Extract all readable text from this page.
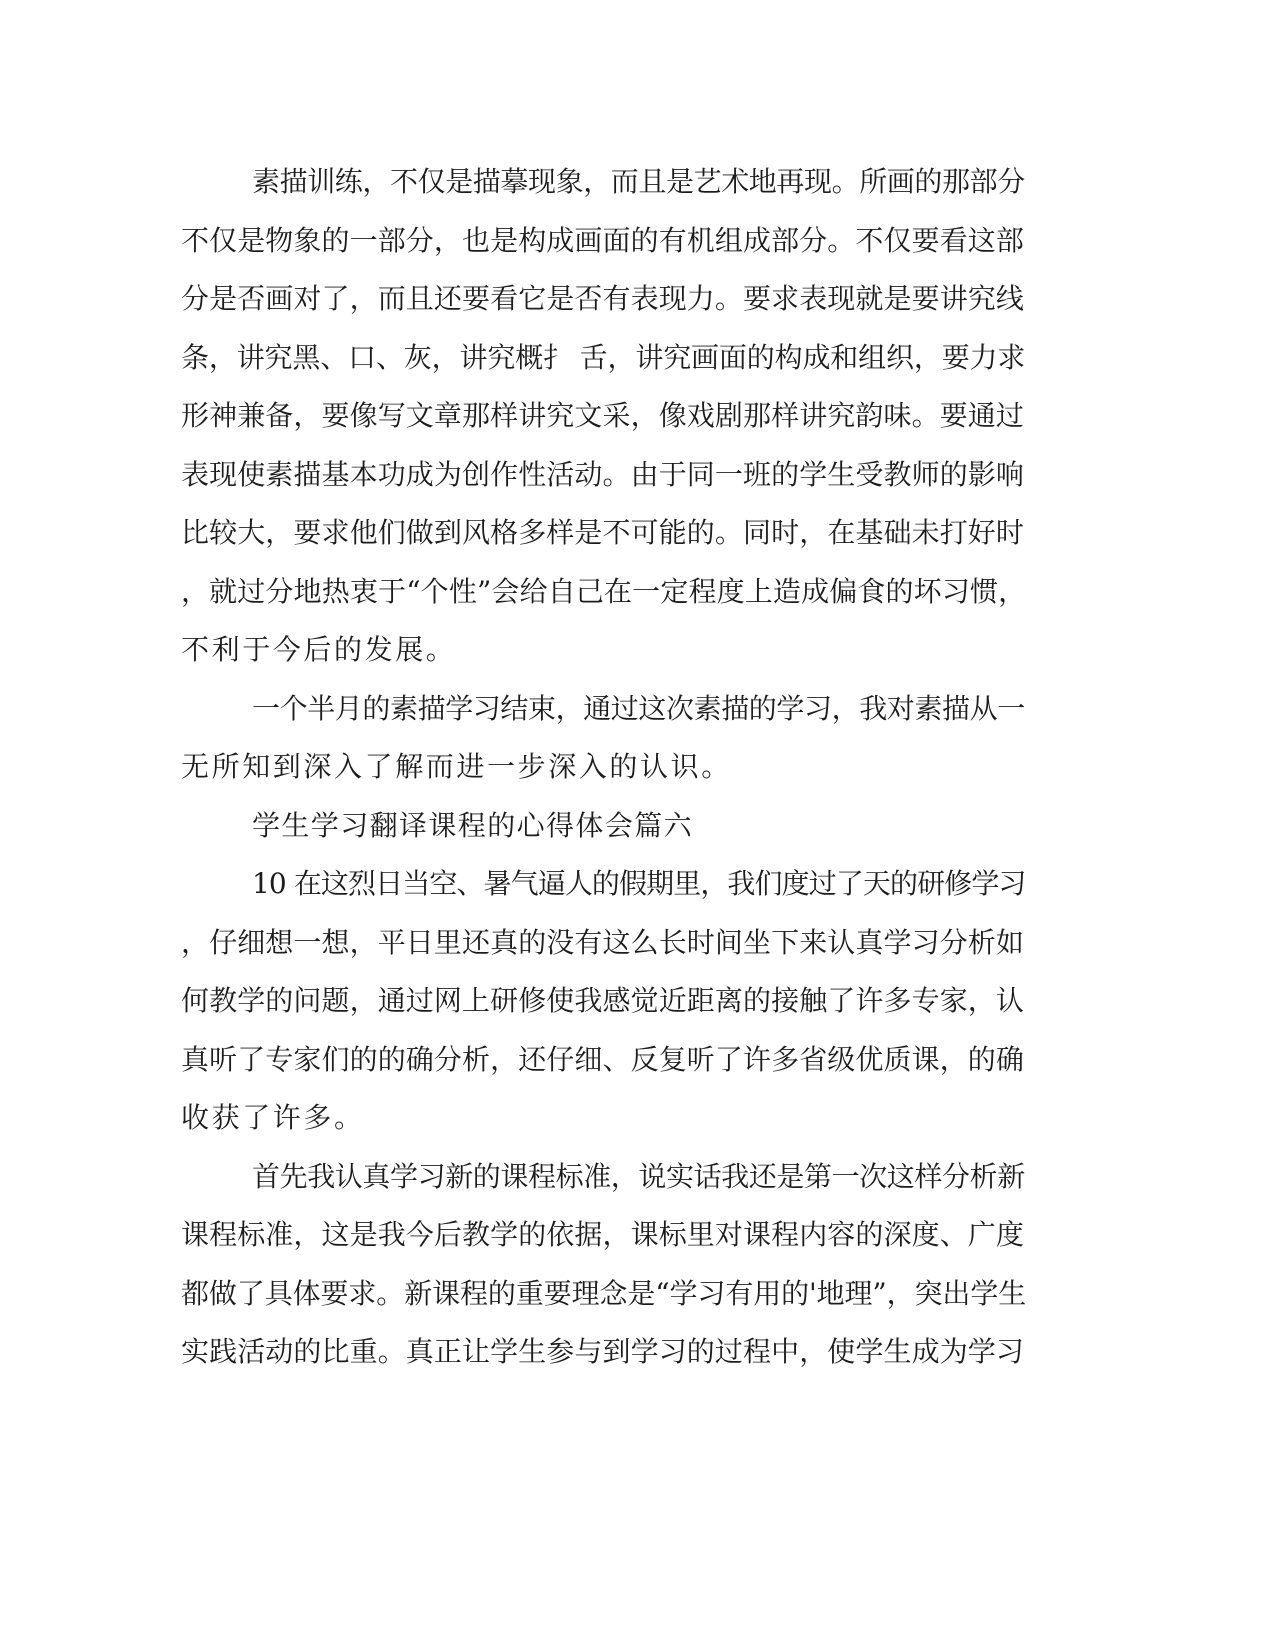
素描训练，不仅是描摹现象，而且是艺术地再现。所画的那部分
不仅是物象的一部分，也是构成画面的有机组成部分。不仅要看这部
分是否画对了，而且还要看它是否有表现力。要求表现就是要讲究线
条，讲究黑、口、灰，讲究概扌 舌，讲究画面的构成和组织，要力求
形神兼备，要像写文章那样讲究文采，像戏剧那样讲究韵味。要通过
表现使素描基本功成为创作性活动。由于同一班的学生受教师的影响
比较大，要求他们做到风格多样是不可能的。同时，在基础未打好时
，就过分地热衷于“个性”会给自己在一定程度上造成偏食的坏习惯，
不利于今后的发展。
一个半月的素描学习结束，通过这次素描的学习，我对素描从一
无所知到深入了解而进一步深入的认识。
学生学习翻译课程的心得体会篇六
10 在这烈日当空、暑气逼人的假期里，我们度过了天的研修学习
，仔细想一想，平日里还真的没有这么长时间坐下来认真学习分析如
何教学的问题，通过网上研修使我感觉近距离的接触了许多专家，认
真听了专家们的的确分析，还仔细、反复听了许多省级优质课，的确
收获了许多。
首先我认真学习新的课程标准，说实话我还是第一次这样分析新
课程标准，这是我今后教学的依据，课标里对课程内容的深度、广度
都做了具体要求。新课程的重要理念是“学习有用的'地理”，突出学生
实践活动的比重。真正让学生参与到学习的过程中，使学生成为学习
